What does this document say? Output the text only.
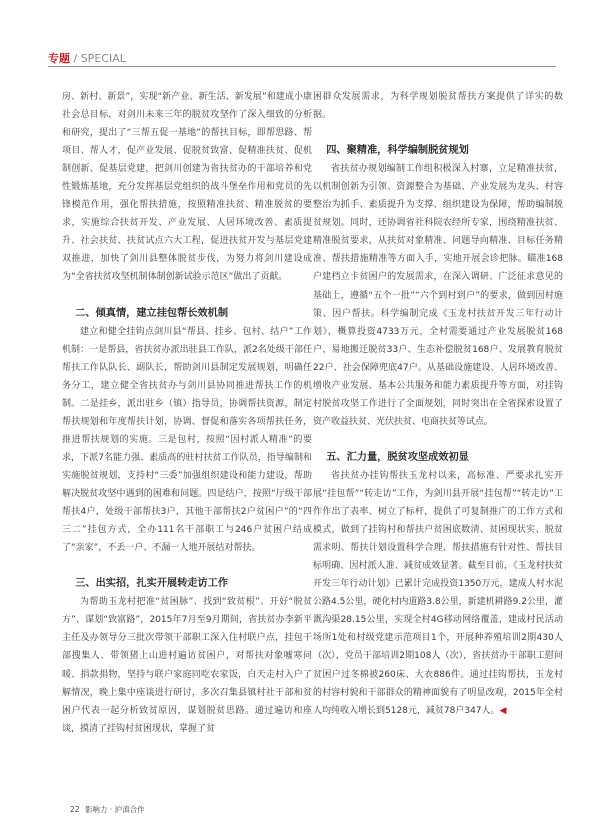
专题 / SPECIAL

房、新村、新景”，实现“新产业、新生活、新发展”和建成小康社会总目标，对剑川未来三年的脱贫攻坚作了深入细致的分析和研究，提出了“三帮五促一基地”的帮扶目标，即帮思路、帮项目、帮人才，促产业发展、促脱贫致富、促精准扶贫、促机制创新、促基层党建，把剑川创建为省扶贫办的干部培养和党性锻炼基地，充分发挥基层党组织的战斗堡垒作用和党员的先锋模范作用，强化帮扶措施，按照精准扶贫、精准脱贫的要求，实施综合扶贫开发、产业发展、人居环境改善、素质提升、社会扶贫、扶贫试点六大工程，促进扶贫开发与基层党建双推进，加快了剑川县整体脱贫步伐，为努力将剑川建设成为“全省扶贫攻坚机制体制创新试验示范区”做出了贡献。

二、倾真情，建立挂包帮长效机制

建立和健全挂钩点剑川县“帮县、挂乡、包村、结户”工作机制：一是帮县，省扶贫办派出驻县工作队，派2名处级干部任帮扶工作队队长、副队长，帮助剑川县制定发展规划，明确任务分工，建立健全省扶贫办与剑川县协同推进帮扶工作的机制。二是挂乡，派出驻乡（镇）指导员，协调帮扶资源，制定帮扶规划和年度帮扶计划，协调、督促和落实各项帮扶任务，推进帮扶规划的实施。三是包村，按照“因村派人精准”的要求，下派7名能力强、素质高的驻村扶贫工作队员，指导编制和实施脱贫规划，支持村“三委”加强组织建设和能力建设，帮助解决脱贫攻坚中遇到的困难和问题。四是结户，按照“厅级干部帮扶4户，处级干部帮扶3户，其他干部帮扶2户贫困户”的“四三二”挂包方式，全办111名干部职工与246户贫困户结成了“亲家”，不丢一户、不漏一人地开展结对帮扶。

三、出实招，扎实开展转走访工作

为帮助玉龙村把准“贫困脉”、找到“致贫根”、开好“脱贫方”、谋划“致富路”，2015年7月至9月期间，省扶贫办李新平主任及办领导分三批次带领干部职工深入住村联户点，挂包干部搜集人、带领猪上山进村遍访贫困户，对帮扶对象嘘寒问暖、捐款捐物，坚持与联户家庭同吃农家饭，白天走村入户了解情况，晚上集中座谈进行研讨，多次召集县镇村社干部和贫困户代表一起分析致贫原因，谋划脱贫思路。通过遍访和座谈，摸清了挂钩村贫困现状，掌握了贫

困群众发展需求，为科学规划脱贫帮扶方案提供了详实的数据。

四、聚精准，科学编制脱贫规划

省扶贫办规划编制工作组积极深入村寨，立足精准扶贫，以机制创新为引领、资源整合为基础、产业发展为龙头、村容整治为抓手、素质提升为支撑、组织建设为保障，帮助编制脱贫规划。同时，还协调省社科院农经所专家，围绕精准扶贫、精准脱贫要求，从扶贫对象精准、问题导向精准、目标任务精准、帮扶措施精准等方面入手，实地开展会诊把脉。瞄准168户建档立卡贫困户的发展需求，在深入调研、广泛征求意见的基础上，遵循“五个一批”“六个到村到户”的要求，做到因村施策、因户帮扶。科学编制完成《玉龙村扶贫开发三年行动计划》，概算投资4733万元，全村需要通过产业发展脱贫168户、易地搬迁脱贫33户、生态补偿脱贫168户、发展教育脱贫22户、社会保障兜底47户。从基础设施建设、人居环境改善、增收产业发展、基本公共服务和能力素质提升等方面，对挂钩村脱贫攻坚工作进行了全面规划，同时突出在全省探索设置了资产收益扶贫、光伏扶贫、电商扶贫等试点。

五、汇力量，脱贫攻坚成效初显

省扶贫办挂钩帮扶玉龙村以来，高标准、严要求扎实开展“挂包帮”“转走访”工作，为剑川县开展“挂包帮”“转走访”工作作出了表率、树立了标杆，提供了可复制推广的工作方式和模式，做到了挂钩村和帮扶户贫困底数清、贫困现状实、脱贫需求明、帮扶计划设置科学合理、帮扶措施有针对性、帮扶目标明确、因村派人准、减贫成效显著。截至目前，《玉龙村扶贫开发三年行动计划》已累计完成投资1350万元，建成人村水泥公路4.5公里，硬化村内道路3.8公里，新建机耕路9.2公里，灌溉沟渠28.15公里，实现全村4G移动网络覆盖，建成村民活动场所1处和村级党建示范项目1个，开展种养殖培训2期430人（次），党员干部培训2期108人（次），省扶贫办干部职工慰问贫困户过冬棉被260床、大衣886件。通过挂钩帮扶，玉龙村的村容村貌和干部群众的精神面貌有了明显改观，2015年全村人均纯收入增长到5128元，减贫78户347人。◀

22 影响力 · 沪滇合作
